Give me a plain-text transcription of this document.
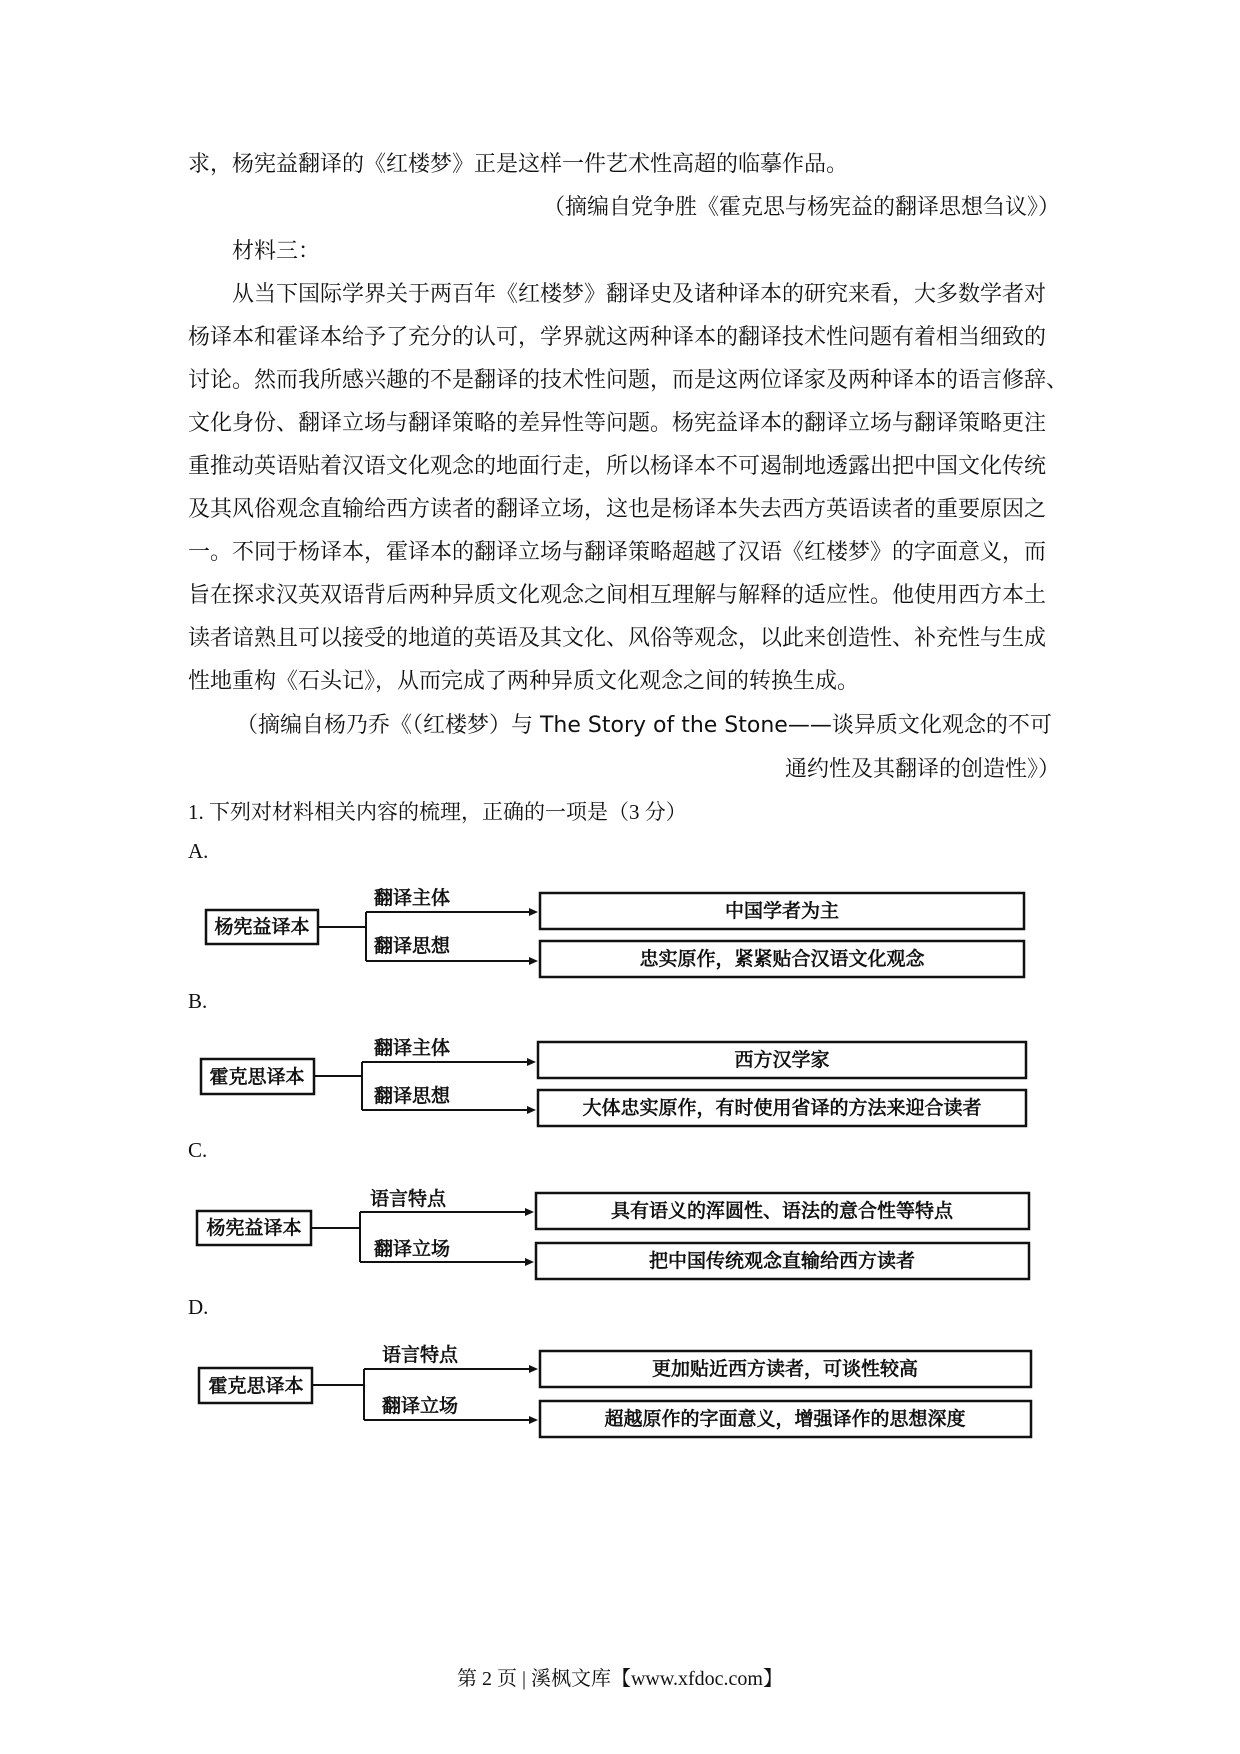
求，杨宪益翻译的《红楼梦》正是这样一件艺术性高超的临摹作品。
（摘编自党争胜《霍克思与杨宪益的翻译思想刍议》）
材料三：
从当下国际学界关于两百年《红楼梦》翻译史及诸种译本的研究来看，大多数学者对
杨译本和霍译本给予了充分的认可，学界就这两种译本的翻译技术性问题有着相当细致的
讨论。然而我所感兴趣的不是翻译的技术性问题，而是这两位译家及两种译本的语言修辞、
文化身份、翻译立场与翻译策略的差异性等问题。杨宪益译本的翻译立场与翻译策略更注
重推动英语贴着汉语文化观念的地面行走，所以杨译本不可遏制地透露出把中国文化传统
及其风俗观念直输给西方读者的翻译立场，这也是杨译本失去西方英语读者的重要原因之
一。不同于杨译本，霍译本的翻译立场与翻译策略超越了汉语《红楼梦》的字面意义，而
旨在探求汉英双语背后两种异质文化观念之间相互理解与解释的适应性。他使用西方本土
读者谙熟且可以接受的地道的英语及其文化、风俗等观念，以此来创造性、补充性与生成
性地重构《石头记》，从而完成了两种异质文化观念之间的转换生成。
（摘编自杨乃乔《（红楼梦）与 The Story of the Stone——谈异质文化观念的不可
通约性及其翻译的创造性》）
1. 下列对材料相关内容的梳理，正确的一项是（3 分）
A.
杨宪益译本
翻译主体
翻译思想
中国学者为主
忠实原作，紧紧贴合汉语文化观念
B.
霍克思译本
翻译主体
翻译思想
西方汉学家
大体忠实原作，有时使用省译的方法来迎合读者
C.
杨宪益译本
语言特点
翻译立场
具有语义的浑圆性、语法的意合性等特点
把中国传统观念直输给西方读者
D.
霍克思译本
语言特点
翻译立场
更加贴近西方读者，可谈性较高
超越原作的字面意义，增强译作的思想深度
第 2 页 | 溪枫文库【www.xfdoc.com】
